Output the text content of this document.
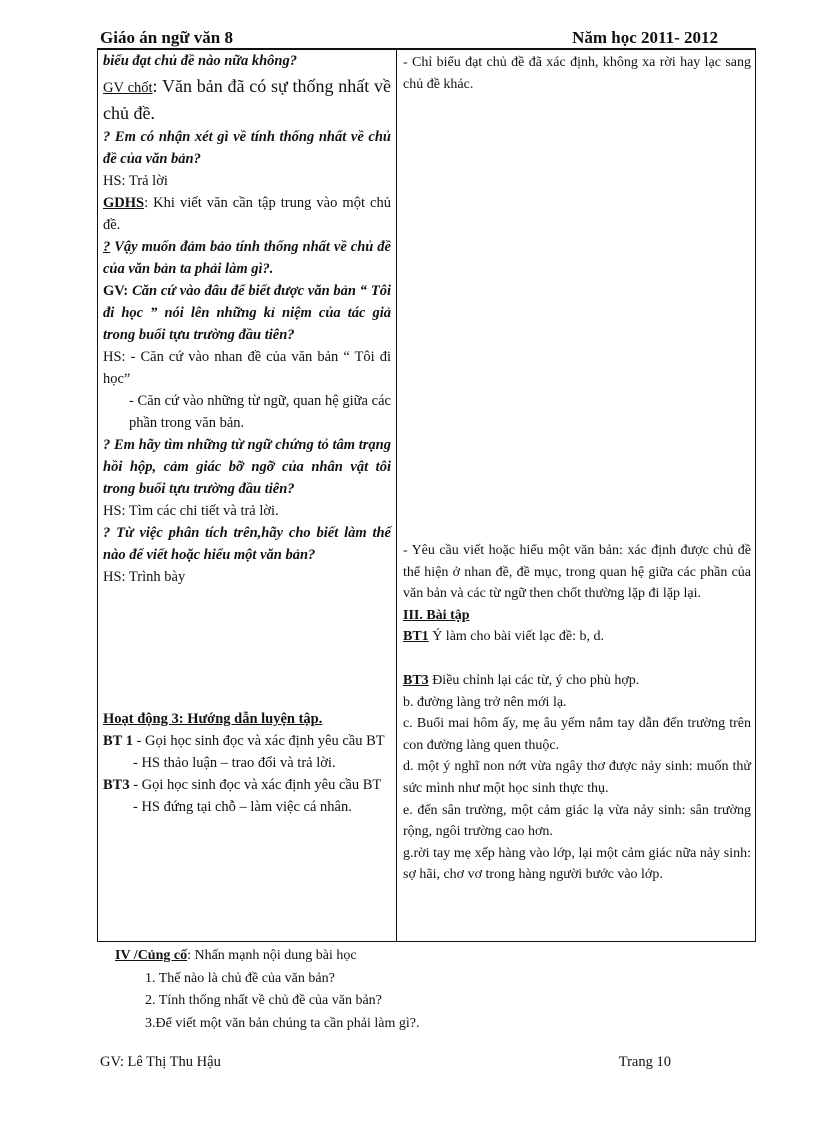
Giáo án ngữ văn 8	Năm học 2011- 2012

biểu đạt chủ đề nào nữa không?

GV chốt: Văn bản đã có sự thống nhất về chủ đề.

? Em có nhận xét gì về tính thống nhất về chủ đề của văn bản?

HS: Trả lời

GDHS: Khi viết văn cần tập trung vào một chủ đề.

? Vậy muốn đảm bảo tính thống nhất về chủ đề của văn bản ta phải làm gì?.

GV: Căn cứ vào đâu để biết được văn bản “ Tôi đi học ” nói lên những kỉ niệm của tác giả trong buổi tựu trường đầu tiên?

HS: - Căn cứ vào nhan đề của văn bản “ Tôi đi học”

- Căn cứ vào những từ ngữ, quan hệ giữa các phần trong văn bản.

? Em hãy tìm những từ ngữ chứng tỏ tâm trạng hồi hộp, cảm giác bỡ ngỡ của nhân vật tôi trong buổi tựu trường đầu tiên?

HS: Tìm các chi tiết và trả lời.

? Từ việc phân tích trên,hãy cho biết làm thế nào để viết hoặc hiểu một văn bản?

HS: Trình bày

Hoạt động 3: Hướng dẫn luyện tập.

BT 1 - Gọi học sinh đọc và xác định yêu cầu BT

- HS thảo luận – trao đổi và trả lời.

BT3 - Gọi học sinh đọc và xác định yêu cầu BT

- HS đứng tại chỗ – làm việc cá nhân.

- Chỉ biểu đạt chủ đề đã xác định, không xa rời hay lạc sang chủ đề khác.

- Yêu cầu viết hoặc hiểu một văn bản: xác định được chủ đề thể hiện ở nhan đề, đề mục, trong quan hệ giữa các phần của văn bản và các từ ngữ then chốt thường lặp đi lặp lại.

III. Bài tập

BT1 Ý làm cho bài viết lạc đề: b, d.

BT3 Điều chỉnh lại các từ, ý cho phù hợp.

b. đường làng trở nên mới lạ.

c. Buổi mai hôm ấy, mẹ âu yếm nắm tay dẫn đến trường trên con đường làng quen thuộc.

d. một ý nghĩ non nớt vừa ngây thơ được nảy sinh: muốn thử sức mình như một học sinh thực thụ.

e. đến sân trường, một cảm giác lạ vừa nảy sinh: sân trường rộng, ngôi trường cao hơn.

g.rời tay mẹ xếp hàng vào lớp, lại một cảm giác nữa nảy sinh: sợ hãi, chơ vơ trong hàng người bước vào lớp.

IV /Củng cố: Nhấn mạnh nội dung bài học
1. Thế nào là chủ đề của văn bản?
2. Tính thống nhất về chủ đề của văn bản?
3.Để viết một văn bản chúng ta cần phải làm gì?.
GV: Lê Thị Thu Hậu	Trang 10
